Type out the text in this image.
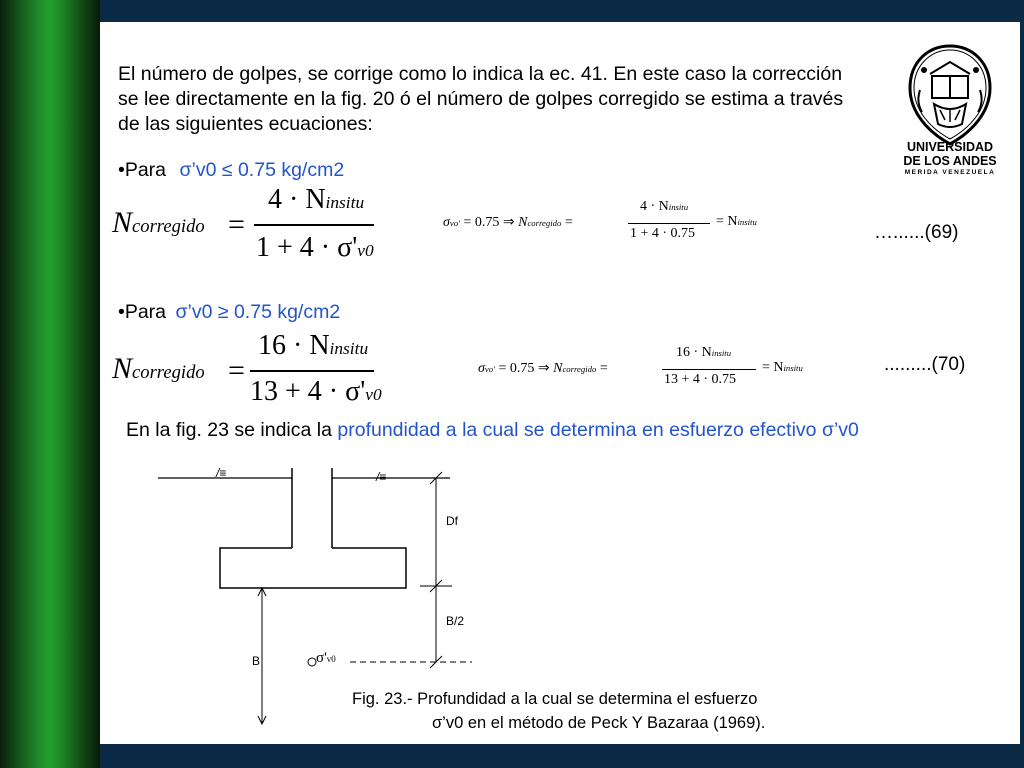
El número de golpes, se corrige como lo indica la ec. 41. En este caso la corrección se lee directamente en la fig. 20 ó el número de golpes corregido se estima a través de las siguientes ecuaciones:
UNIVERSIDAD
DE LOS ANDES
MERIDA VENEZUELA
•Para σ’v0 ≤ 0.75 kg/cm2
Ncorregido =
4 · Ninsitu
1 + 4 · σ'v0
σvo' = 0.75 ⇒ Ncorregido =
4 · Ninsitu
1 + 4 · 0.75
= Ninsitu	…......(69)
•Para σ’v0 ≥ 0.75 kg/cm2
Ncorregido =
16 · Ninsitu
13 + 4 · σ'v0
σvo' = 0.75 ⇒ Ncorregido =
16 · Ninsitu
13 + 4 · 0.75
= Ninsitu	.........(70)
En la fig. 23 se indica la profundidad a la cual se determina en esfuerzo efectivo σ’v0
/≡	/≡
Df
B/2
B	σ'v0
Fig. 23.- Profundidad a la cual se determina el esfuerzo
σ’v0 en el método de Peck Y Bazaraa (1969).
